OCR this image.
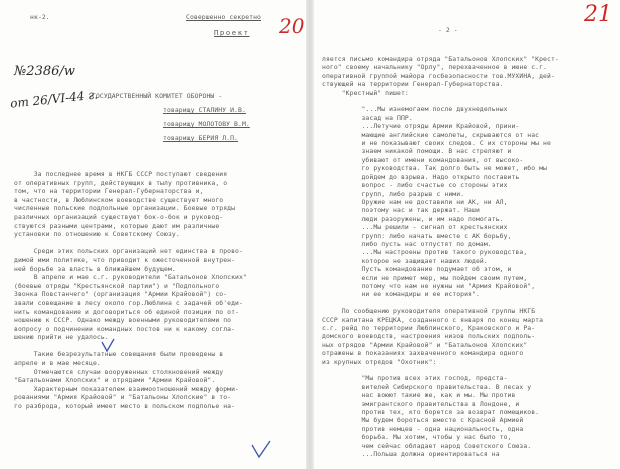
нк-2.	Совершенно секретно
Проект 20
№2386/w
от 26/VI-44 г.
ГОСУДАРСТВЕННЫЙ КОМИТЕТ ОБОРОНЫ -
товарищу СТАЛИНУ И.В.
товарищу МОЛОТОВУ В.М.
товарищу БЕРИЯ Л.П.
За последнее время в НКГБ СССР поступают сведения
от оперативных групп, действующих в тылу противника, о
том, что на территории Генерал-Губернаторства и,
в частности, в Люблинском воеводстве существует много
численные польские подпольные организации. Боевые отряды
различных организаций существуют бок-о-бок и руковод-
ствуются разными центрами, которые дают им различные
установки по отношению к Советскому Союзу.

Среди этих польских организаций нет единства в прово-
димой ими политике, что приводит к ожесточенной внутрен-
ней борьбе за власть в ближайшем будущем.
В апреле и мае с.г. руководители "Батальонов Хлопских"
(боевые отряды "Крестьянской партии") и "Подпольного
Звонка Повстанчего" (организация "Армии Крайовой") со-
звали совещание в лесу около гор.Люблина с задачей об'еди-
нить командование и договориться об единой позиции по от-
ношению к СССР. Однако между военными руководителями по
вопросу о подчинении командных постов ни к какому согла-
шению прийти не удалось.

Такие безрезультатные совещания были проведены в
апреле и в мае месяце.
Отмечаются случаи вооруженных столкновений между
"Батальонами Хлопских" и отрядами "Армии Крайовой".
Характерным показателем взаимоотношений между форми-
рованиями "Армия Крайовой" и "Батальоны Хлопские" в то-
го разброда, который имеет место в польском подполье на-
- 2 -
21
ляется письмо командира отряда "Батальонов Хлопских" "Крест-
ного" своему начальнику "Орлу", перехваченное в июне с.г.
оперативной группой майора госбезопасности тов.МУХИНА, дей-
ствующей на территории Генерал-Губернаторства.
"Крестный" пишет:

"...Мы изнемогаем после двухнедельных
засад на ППР.
...Летучие отряды Армии Крайовой, прини-
мающие английские самолеты, скрываются от нас
и не показывают своих следов. С их стороны мы не
знаем никакой помощи. В нас стреляют и
убивают от имени командования, от высоко-
го руководства. Так долго быть не может, ибо мы
дойдем до взрыва. Надо открыто поставить
вопрос - либо счастье со стороны этих
групп, либо разрыв с ними.
Оружие нам не доставили ни АК, ни АЛ,
поэтому нас и так держат. Наши
люди разоружены, и им надо помогать.
...Мы решили - сигнал от крестьянских
групп: либо начать вместе с АК борьбу,
либо пусть нас отпустят по домам.
...Мы настроены против такого руководства,
которое не защищает наших людей.
Пусть командование подумает об этом, и
если не примет мер, мы пойдем своим путем,
потому что нам не нужны ни "Армия Крайовой",
ни ее командиры и ее история".

По сообщению руководителя оперативной группы НКГБ
СССР капитана КРЕЦКА, созданного с января по конец марта
с.г. рейд по территории Люблинского, Краковского и Ра-
домского воеводств, настроения низов польских подполь-
ных отрядов "Армии Крайовой" и "Батальонов Хлопских"
отражены в показаниях захваченного командира одного
из крупных отрядов "Охотник":

"Мы против всех этих господ, предста-
вителей Сибирского правительства. В лесах у
нас воюют такие же, как и мы. Мы против
эмигрантского правительства в Лондоне, и
против тех, кто борется за возврат помещиков.
Мы будем бороться вместе с Красной Армией
против немцев - одна национальность, одна
борьба. Мы хотим, чтобы у нас было то,
чем сейчас обладает народ Советского Союза.
...Польша должна ориентироваться на
